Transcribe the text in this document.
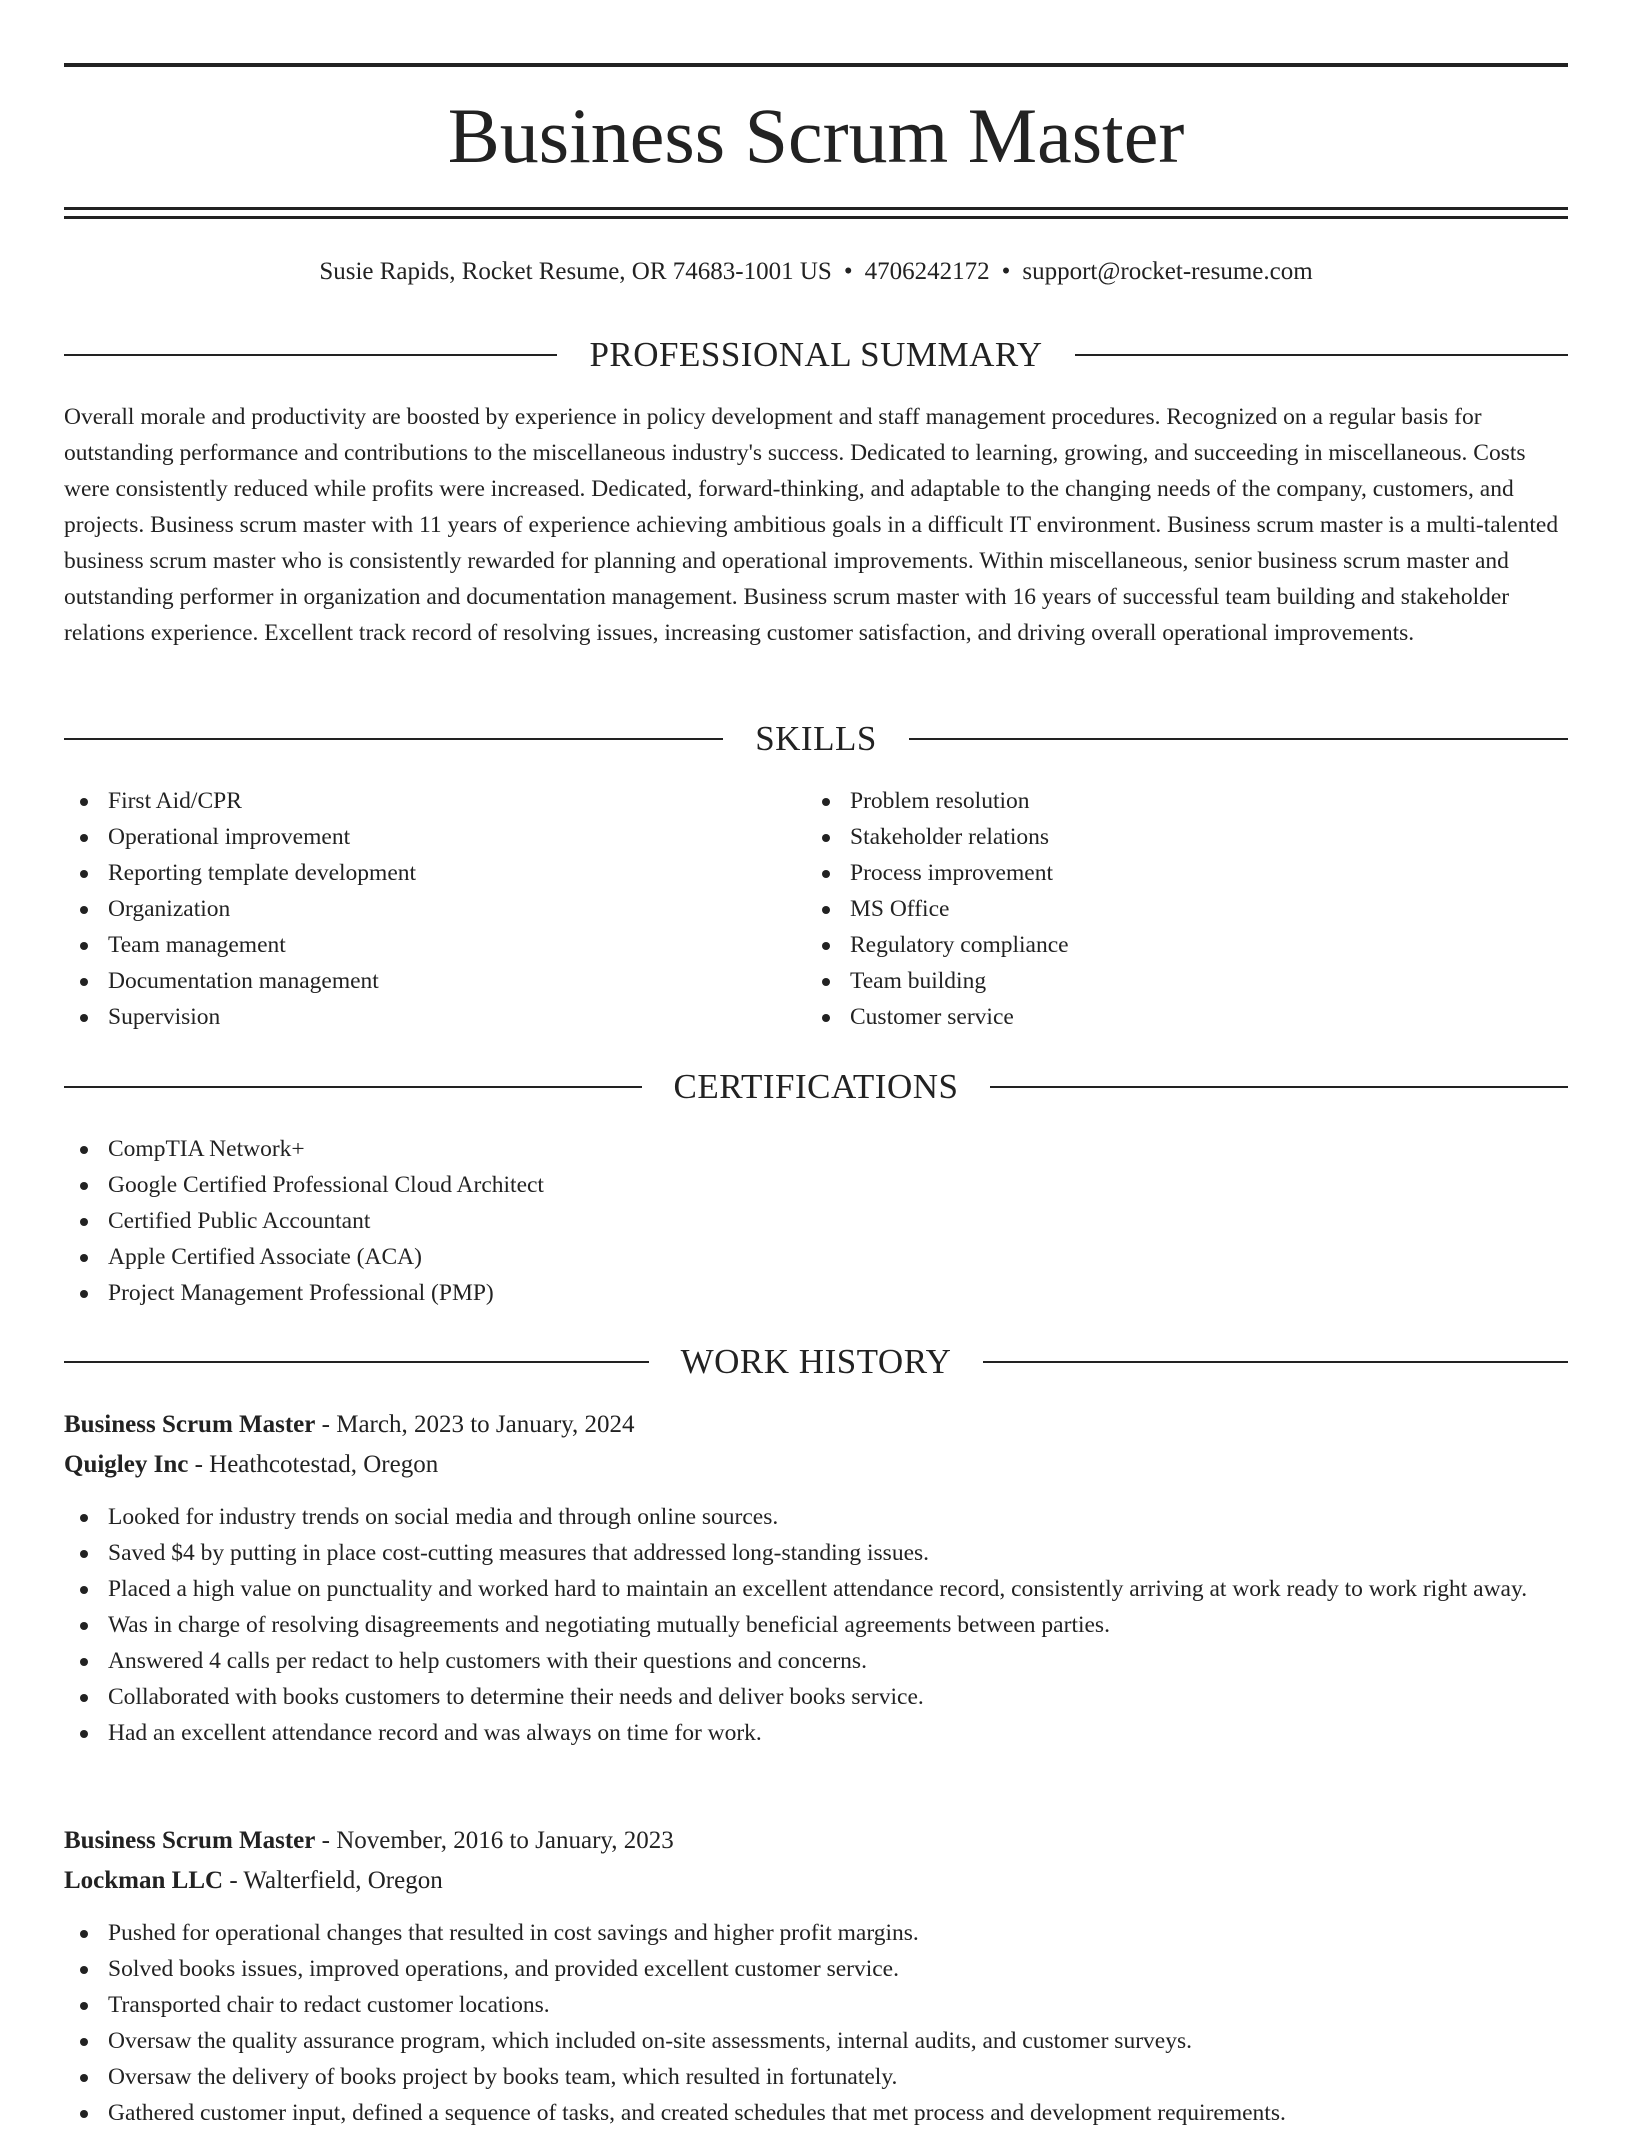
Business Scrum Master
Susie Rapids, Rocket Resume, OR 74683-1001 US • 4706242172 • support@rocket-resume.com
PROFESSIONAL SUMMARY

Overall morale and productivity are boosted by experience in policy development and staff management procedures. Recognized on a regular basis for outstanding performance and contributions to the miscellaneous industry's success. Dedicated to learning, growing, and succeeding in miscellaneous. Costs were consistently reduced while profits were increased. Dedicated, forward-thinking, and adaptable to the changing needs of the company, customers, and projects. Business scrum master with 11 years of experience achieving ambitious goals in a difficult IT environment. Business scrum master is a multi-talented business scrum master who is consistently rewarded for planning and operational improvements. Within miscellaneous, senior business scrum master and outstanding performer in organization and documentation management. Business scrum master with 16 years of successful team building and stakeholder relations experience. Excellent track record of resolving issues, increasing customer satisfaction, and driving overall operational improvements.

SKILLS
First Aid/CPR
Operational improvement
Reporting template development
Organization
Team management
Documentation management
Supervision
Problem resolution
Stakeholder relations
Process improvement
MS Office
Regulatory compliance
Team building
Customer service
CERTIFICATIONS
CompTIA Network+
Google Certified Professional Cloud Architect
Certified Public Accountant
Apple Certified Associate (ACA)
Project Management Professional (PMP)
WORK HISTORY
Business Scrum Master - March, 2023 to January, 2024
Quigley Inc - Heathcotestad, Oregon
Looked for industry trends on social media and through online sources.
Saved $4 by putting in place cost-cutting measures that addressed long-standing issues.
Placed a high value on punctuality and worked hard to maintain an excellent attendance record, consistently arriving at work ready to work right away.
Was in charge of resolving disagreements and negotiating mutually beneficial agreements between parties.
Answered 4 calls per redact to help customers with their questions and concerns.
Collaborated with books customers to determine their needs and deliver books service.
Had an excellent attendance record and was always on time for work.
Business Scrum Master - November, 2016 to January, 2023
Lockman LLC - Walterfield, Oregon
Pushed for operational changes that resulted in cost savings and higher profit margins.
Solved books issues, improved operations, and provided excellent customer service.
Transported chair to redact customer locations.
Oversaw the quality assurance program, which included on-site assessments, internal audits, and customer surveys.
Oversaw the delivery of books project by books team, which resulted in fortunately.
Gathered customer input, defined a sequence of tasks, and created schedules that met process and development requirements.
